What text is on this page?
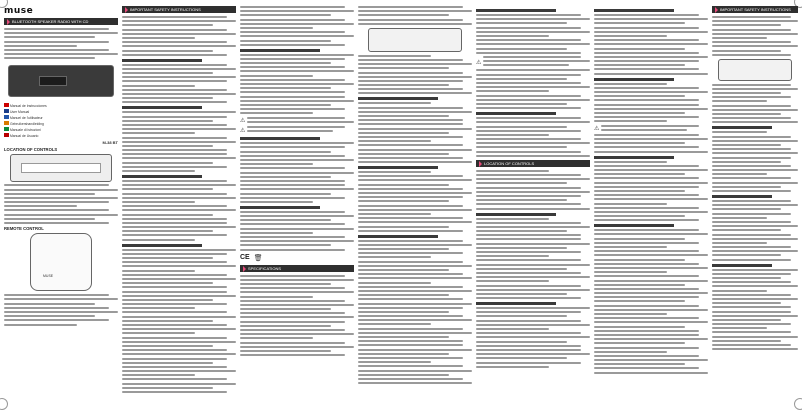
muse
BLUETOOTH SPEAKER RADIO WITH CD
Manual de Instrucciones
User Manual
Manuel de l'utilisateur
Gebruikershandleiding
Manuale di istruzioni
Manual de Usuario
M-38 BT
LOCATION OF CONTROLS
REMOTE CONTROL
MUSE
IMPORTANT SAFETY INSTRUCTIONS
⚠
⚠
CE 🗑
SPECIFICATIONS
⚠
LOCATION OF CONTROLS
⚠
IMPORTANT SAFETY INSTRUCTIONS
